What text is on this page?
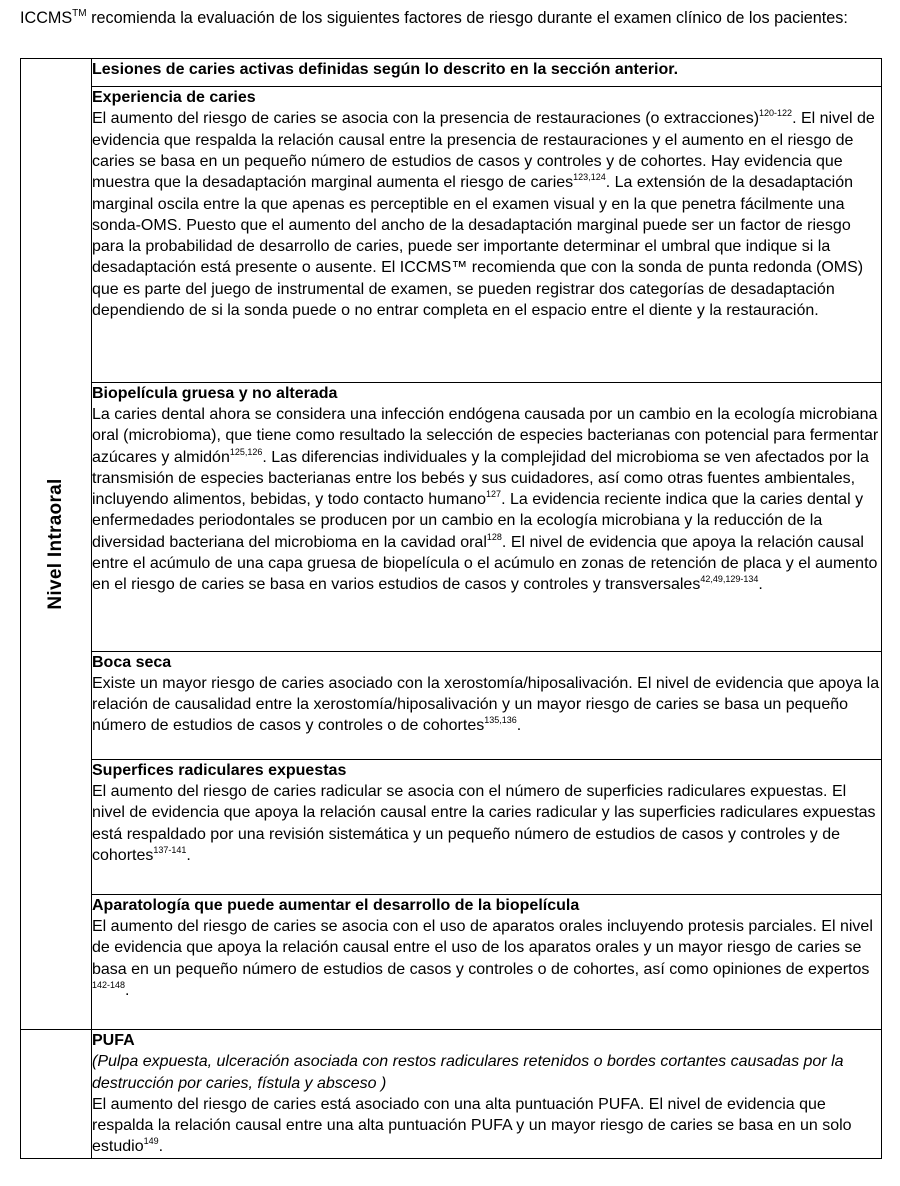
ICCMS™ recomienda la evaluación de los siguientes factores de riesgo durante el examen clínico de los pacientes:
Nivel Intraoral	Lesiones de caries activas definidas según lo descrito en la sección anterior.

	Experiencia de caries
El aumento del riesgo de caries se asocia con la presencia de restauraciones (o extracciones)$^{120-122}$. El nivel de evidencia que respalda la relación causal entre la presencia de restauraciones y el aumento en el riesgo de caries se basa en un pequeño número de estudios de casos y controles y de cohortes. Hay evidencia que muestra que la desadaptación marginal aumenta el riesgo de caries$^{123,124}$. La extensión de la desadaptación marginal oscila entre la que apenas es perceptible en el examen visual y en la que penetra fácilmente una sonda-OMS. Puesto que el aumento del ancho de la desadaptación marginal puede ser un factor de riesgo para la probabilidad de desarrollo de caries, puede ser importante determinar el umbral que indique si la desadaptación está presente o ausente. El ICCMS™ recomienda que con la sonda de punta redonda (OMS) que es parte del juego de instrumental de examen, se pueden registrar dos categorías de desadaptación dependiendo de si la sonda puede o no entrar completa en el espacio entre el diente y la restauración.

	Biopelícula gruesa y no alterada
La caries dental ahora se considera una infección endógena causada por un cambio en la ecología microbiana oral (microbioma), que tiene como resultado la selección de especies bacterianas con potencial para fermentar azúcares y almidón$^{125,126}$. Las diferencias individuales y la complejidad del microbioma se ven afectados por la transmisión de especies bacterianas entre los bebés y sus cuidadores, así como otras fuentes ambientales, incluyendo alimentos, bebidas, y todo contacto humano$^{127}$. La evidencia reciente indica que la caries dental y enfermedades periodontales se producen por un cambio en la ecología microbiana y la reducción de la diversidad bacteriana del microbioma en la cavidad oral$^{128}$. El nivel de evidencia que apoya la relación causal entre el acúmulo de una capa gruesa de biopelícula o el acúmulo en zonas de retención de placa y el aumento en el riesgo de caries se basa en varios estudios de casos y controles y transversales$^{42,49,129-134}$.

	Boca seca
Existe un mayor riesgo de caries asociado con la xerostomía/hiposalivación. El nivel de evidencia que apoya la relación de causalidad entre la xerostomía/hiposalivación y un mayor riesgo de caries se basa un pequeño número de estudios de casos y controles o de cohortes$^{135,136}$.

	Superfices radiculares expuestas
El aumento del riesgo de caries radicular se asocia con el número de superficies radiculares expuestas. El nivel de evidencia que apoya la relación causal entre la caries radicular y las superficies radiculares expuestas está respaldado por una revisión sistemática y un pequeño número de estudios de casos y controles y de cohortes$^{137-141}$.

	Aparatología que puede aumentar el desarrollo de la biopelícula
El aumento del riesgo de caries se asocia con el uso de aparatos orales incluyendo protesis parciales. El nivel de evidencia que apoya la relación causal entre el uso de los aparatos orales y un mayor riesgo de caries se basa en un pequeño número de estudios de casos y controles o de cohortes, así como opiniones de expertos $^{142-148}$.

	PUFA
(Pulpa expuesta, ulceración asociada con restos radiculares retenidos o bordes cortantes causadas por la destrucción por caries, fístula y absceso )
El aumento del riesgo de caries está asociado con una alta puntuación PUFA. El nivel de evidencia que respalda la relación causal entre una alta puntuación PUFA y un mayor riesgo de caries se basa en un solo estudio$^{149}$.
